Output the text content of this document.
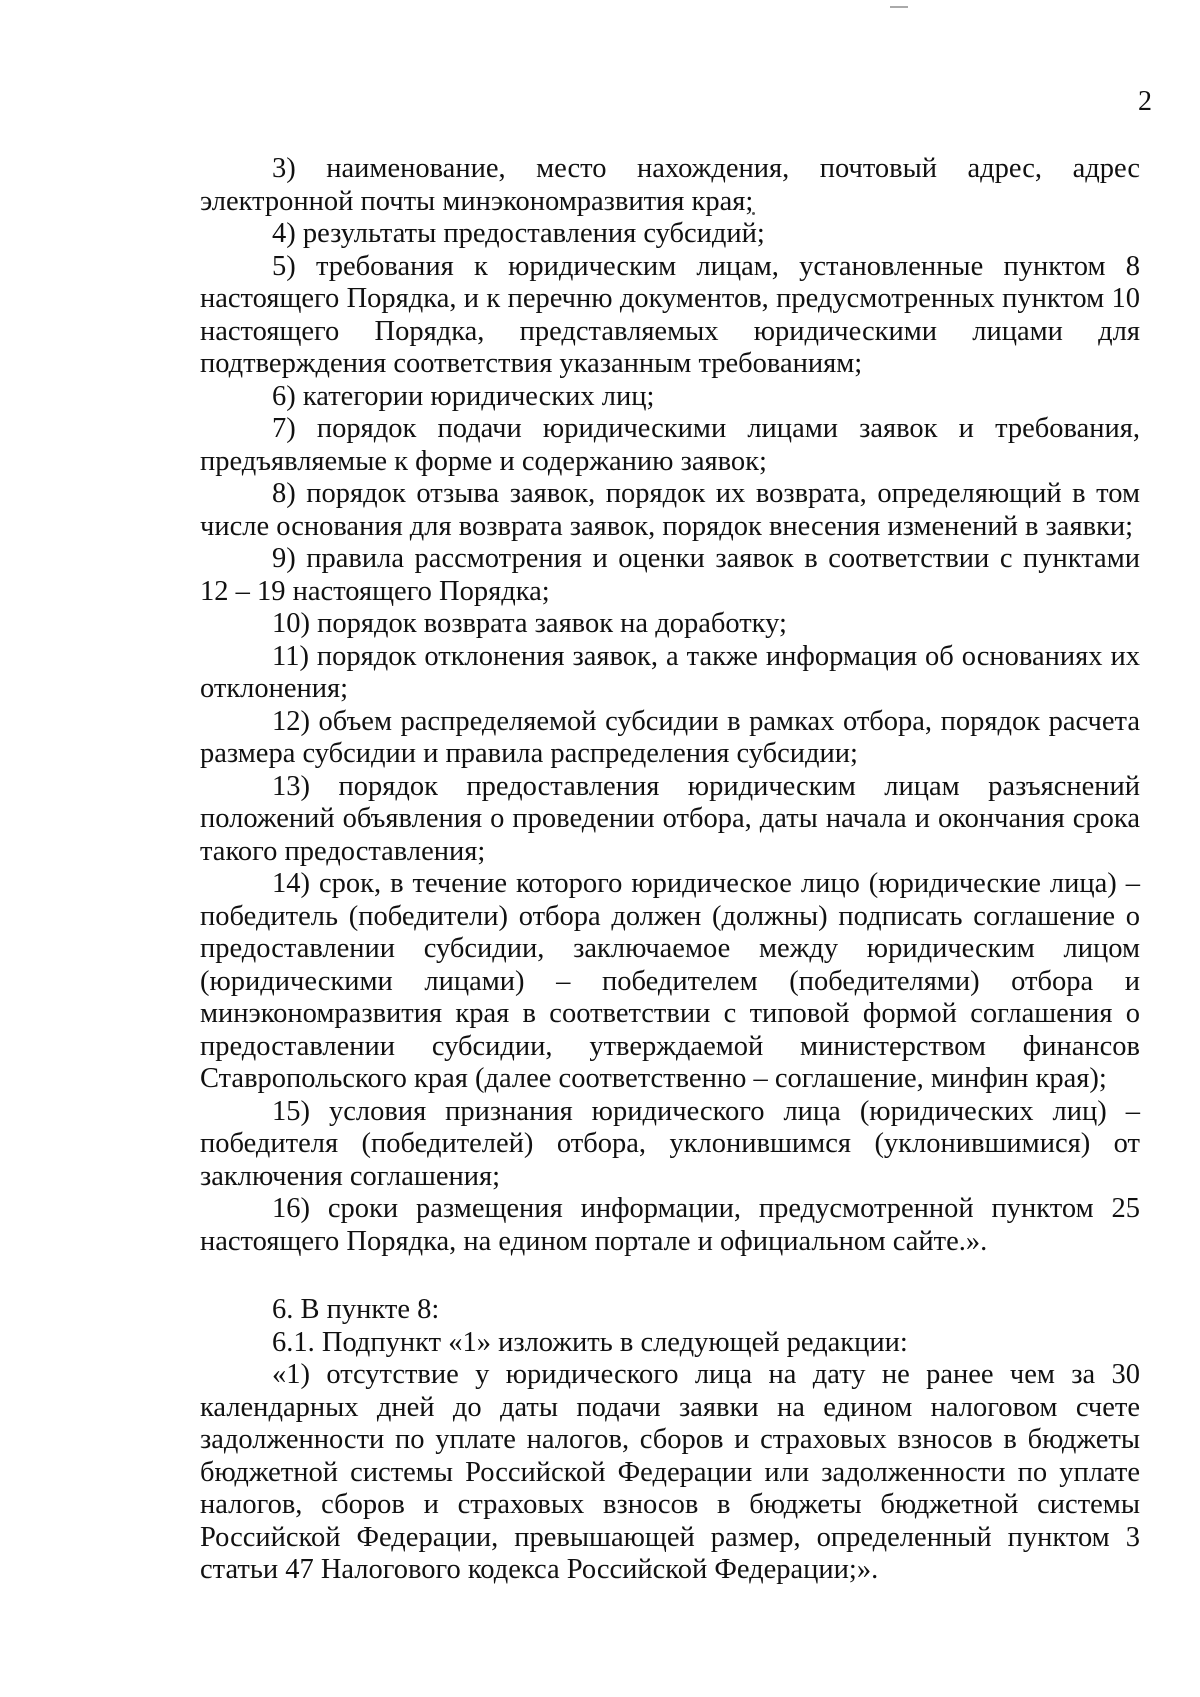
2

3) наименование, место нахождения, почтовый адрес, адрес электронной почты минэкономразвития края;

4) результаты предоставления субсидий;

5) требования к юридическим лицам, установленные пунктом 8 настоящего Порядка, и к перечню документов, предусмотренных пунктом 10 настоящего Порядка, представляемых юридическими лицами для подтверждения соответствия указанным требованиям;

6) категории юридических лиц;

7) порядок подачи юридическими лицами заявок и требования, предъявляемые к форме и содержанию заявок;

8) порядок отзыва заявок, порядок их возврата, определяющий в том числе основания для возврата заявок, порядок внесения изменений в заявки;

9) правила рассмотрения и оценки заявок в соответствии с пунктами 12 – 19 настоящего Порядка;

10) порядок возврата заявок на доработку;

11) порядок отклонения заявок, а также информация об основаниях их отклонения;

12) объем распределяемой субсидии в рамках отбора, порядок расчета размера субсидии и правила распределения субсидии;

13) порядок предоставления юридическим лицам разъяснений положений объявления о проведении отбора, даты начала и окончания срока такого предоставления;

14) срок, в течение которого юридическое лицо (юридические лица) – победитель (победители) отбора должен (должны) подписать соглашение о предоставлении субсидии, заключаемое между юридическим лицом (юридическими лицами) – победителем (победителями) отбора и минэкономразвития края в соответствии с типовой формой соглашения о предоставлении субсидии, утверждаемой министерством финансов Ставропольского края (далее соответственно – соглашение, минфин края);

15) условия признания юридического лица (юридических лиц) – победителя (победителей) отбора, уклонившимся (уклонившимися) от заключения соглашения;

16) сроки размещения информации, предусмотренной пунктом 25 настоящего Порядка, на едином портале и официальном сайте.».

6. В пункте 8:

6.1. Подпункт «1» изложить в следующей редакции:

«1) отсутствие у юридического лица на дату не ранее чем за 30 календарных дней до даты подачи заявки на едином налоговом счете задолженности по уплате налогов, сборов и страховых взносов в бюджеты бюджетной системы Российской Федерации или задолженности по уплате налогов, сборов и страховых взносов в бюджеты бюджетной системы Российской Федерации, превышающей размер, определенный пунктом 3 статьи 47 Налогового кодекса Российской Федерации;».
